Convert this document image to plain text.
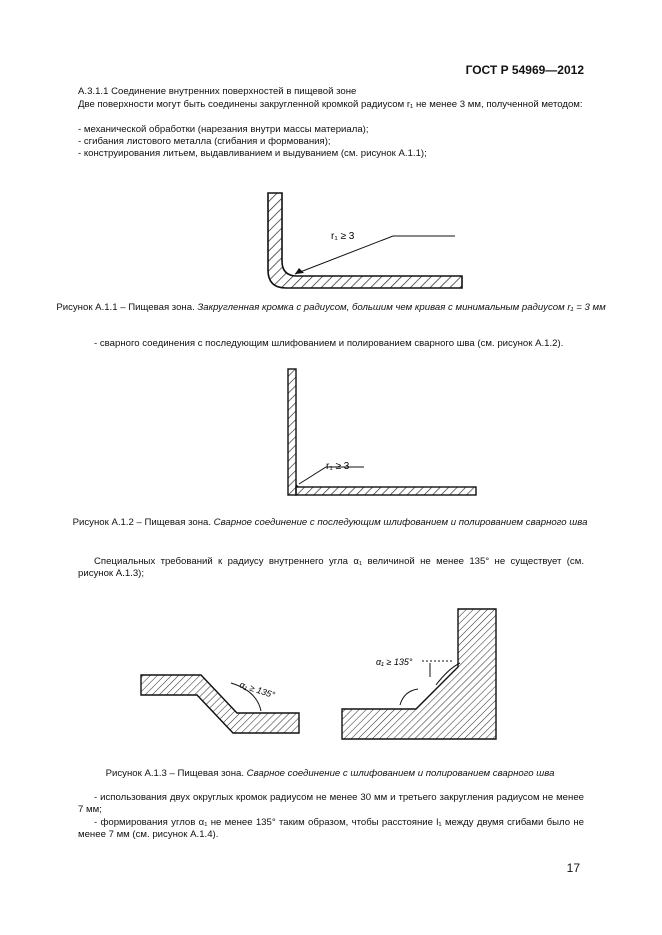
ГОСТ Р 54969—2012
А.3.1.1 Соединение внутренних поверхностей в пищевой зоне
Две поверхности могут быть соединены закругленной кромкой радиусом r₁ не менее 3 мм, полученной методом:
- механической обработки (нарезания внутри массы материала);
- сгибания листового металла (сгибания и формования);
- конструирования литьем, выдавливанием и выдуванием (см. рисунок А.1.1);
r₁ ≥ 3
Рисунок А.1.1 – Пищевая зона. Закругленная кромка с радиусом, большим чем кривая с минимальным радиусом r₁ = 3 мм
- сварного соединения с последующим шлифованием и полированием сварного шва (см. рисунок А.1.2).
r₁ ≥ 3
Рисунок А.1.2 – Пищевая зона. Сварное соединение с последующим шлифованием и полированием сварного шва
Специальных требований к радиусу внутреннего угла α₁ величиной не менее 135° не существует (см. рисунок А.1.3);
α₁ ≥ 135°
α₁ ≥ 135°
Рисунок А.1.3 – Пищевая зона. Сварное соединение с шлифованием и полированием сварного шва
- использования двух округлых кромок радиусом не менее 30 мм и третьего закругления радиусом не менее 7 мм;
- формирования углов α₁ не менее 135° таким образом, чтобы расстояние l₁ между двумя сгибами было не менее 7 мм (см. рисунок А.1.4).
17
